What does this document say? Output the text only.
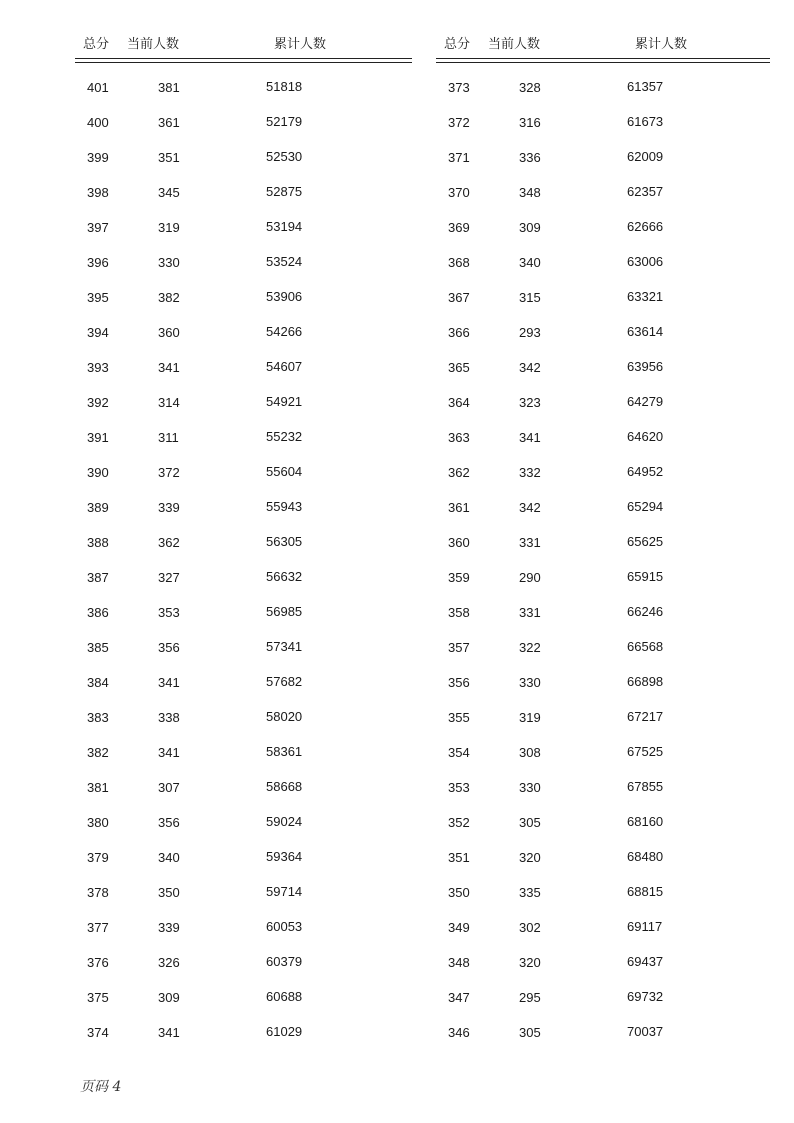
总分 当前人数	累计人数
401	381	51818
400	361	52179
399	351	52530
398	345	52875
397	319	53194
396	330	53524
395	382	53906
394	360	54266
393	341	54607
392	314	54921
391	311	55232
390	372	55604
389	339	55943
388	362	56305
387	327	56632
386	353	56985
385	356	57341
384	341	57682
383	338	58020
382	341	58361
381	307	58668
380	356	59024
379	340	59364
378	350	59714
377	339	60053
376	326	60379
375	309	60688
374	341	61029
总分 当前人数	累计人数
373	328	61357
372	316	61673
371	336	62009
370	348	62357
369	309	62666
368	340	63006
367	315	63321
366	293	63614
365	342	63956
364	323	64279
363	341	64620
362	332	64952
361	342	65294
360	331	65625
359	290	65915
358	331	66246
357	322	66568
356	330	66898
355	319	67217
354	308	67525
353	330	67855
352	305	68160
351	320	68480
350	335	68815
349	302	69117
348	320	69437
347	295	69732
346	305	70037
页码 4
